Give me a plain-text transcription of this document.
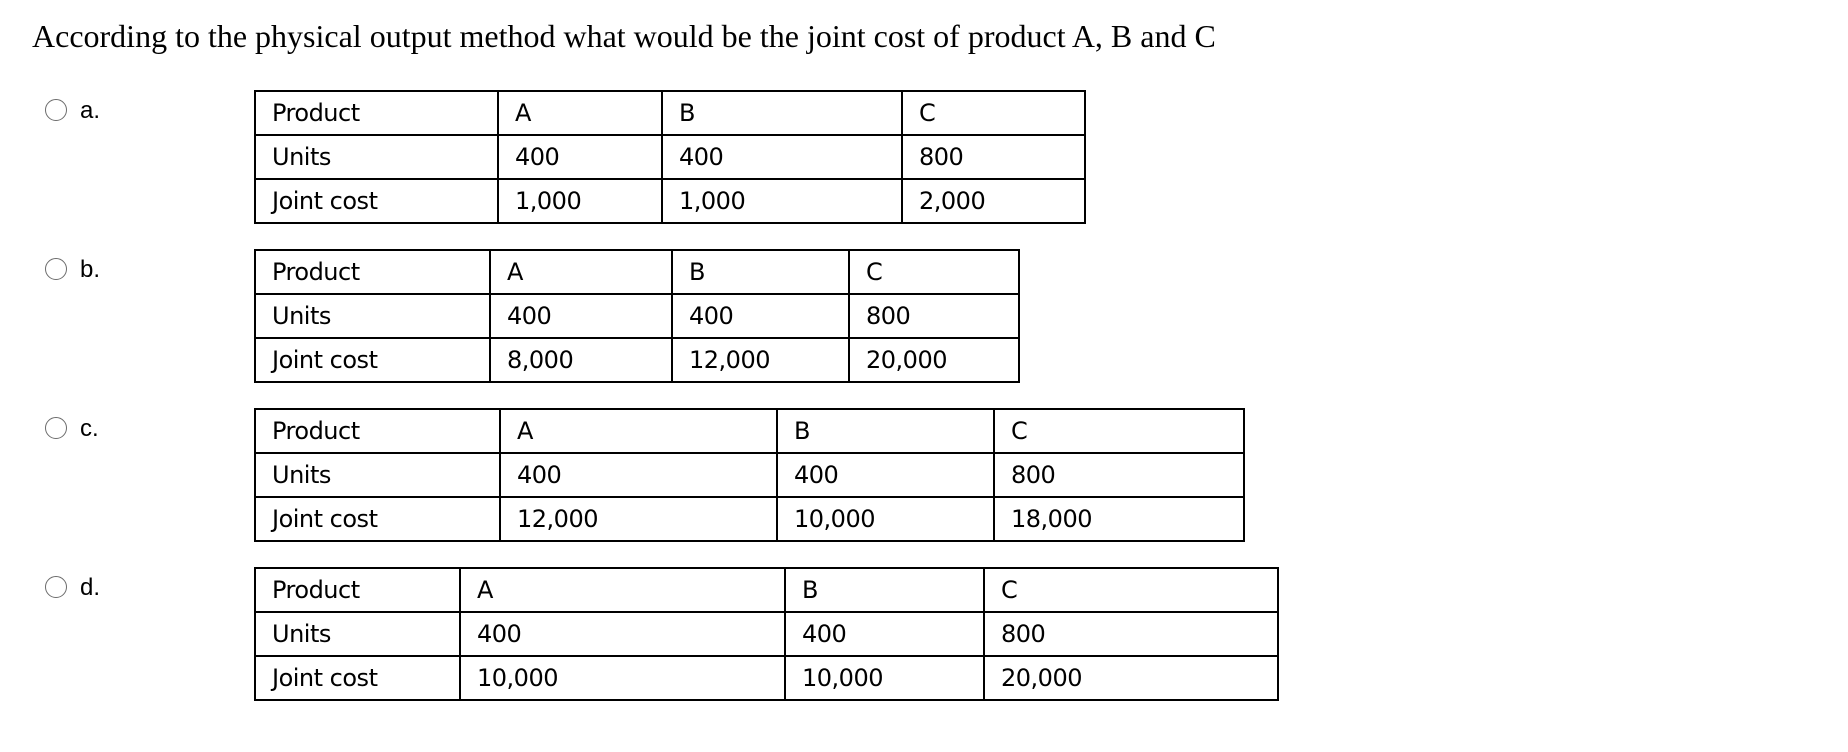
According to the physical output method what would be the joint cost of product A, B and C
a.	Product	A	B	C
Units	400	400	800
Joint cost	1,000	1,000	2,000
b.	Product	A	B	C
Units	400	400	800
Joint cost	8,000	12,000	20,000
c.	Product	A	B	C
Units	400	400	800
Joint cost	12,000	10,000	18,000
d.	Product	A	B	C
Units	400	400	800
Joint cost	10,000	10,000	20,000
